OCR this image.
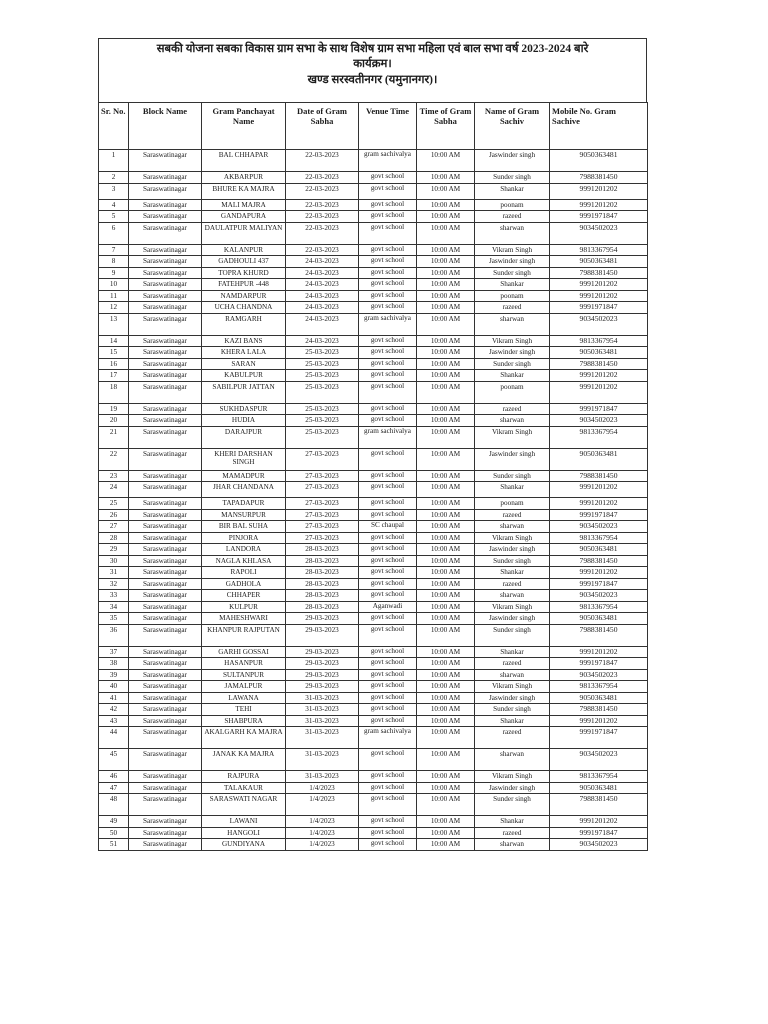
सबकी योजना सबका विकास ग्राम सभा के साथ विशेष ग्राम सभा महिला एवं बाल सभा वर्ष 2023-2024 बारे
कार्यक्रम।
खण्ड सरस्वतीनगर (यमुनानगर)।
Sr. No.	Block Name	Gram Panchayat Name	Date of Gram Sabha	Venue Time	Time of Gram Sabha	Name of Gram Sachiv	Mobile No. Gram Sachive
1	Saraswatinagar	BAL CHHAPAR	22-03-2023	gram sachivalya	10:00 AM	Jaswinder singh	9050363481
2	Saraswatinagar	AKBARPUR	22-03-2023	govt school	10:00 AM	Sunder singh	7988381450
3	Saraswatinagar	BHURE KA MAJRA	22-03-2023	govt school	10:00 AM	Shankar	9991201202
4	Saraswatinagar	MALI MAJRA	22-03-2023	govt school	10:00 AM	poonam	9991201202
5	Saraswatinagar	GANDAPURA	22-03-2023	govt school	10:00 AM	razeed	9991971847
6	Saraswatinagar	DAULATPUR MALIYAN	22-03-2023	govt school	10:00 AM	sharwan	9034502023
7	Saraswatinagar	KALANPUR	22-03-2023	govt school	10:00 AM	Vikram Singh	9813367954
8	Saraswatinagar	GADHOULI 437	24-03-2023	govt school	10:00 AM	Jaswinder singh	9050363481
9	Saraswatinagar	TOPRA KHURD	24-03-2023	govt school	10:00 AM	Sunder singh	7988381450
10	Saraswatinagar	FATEHPUR -448	24-03-2023	govt school	10:00 AM	Shankar	9991201202
11	Saraswatinagar	NAMDARPUR	24-03-2023	govt school	10:00 AM	poonam	9991201202
12	Saraswatinagar	UCHA CHANDNA	24-03-2023	govt school	10:00 AM	razeed	9991971847
13	Saraswatinagar	RAMGARH	24-03-2023	gram sachivalya	10:00 AM	sharwan	9034502023
14	Saraswatinagar	KAZI BANS	24-03-2023	govt school	10:00 AM	Vikram Singh	9813367954
15	Saraswatinagar	KHERA LALA	25-03-2023	govt school	10:00 AM	Jaswinder singh	9050363481
16	Saraswatinagar	SARAN	25-03-2023	govt school	10:00 AM	Sunder singh	7988381450
17	Saraswatinagar	KABULPUR	25-03-2023	govt school	10:00 AM	Shankar	9991201202
18	Saraswatinagar	SABILPUR JATTAN	25-03-2023	govt school	10:00 AM	poonam	9991201202
19	Saraswatinagar	SUKHDASPUR	25-03-2023	govt school	10:00 AM	razeed	9991971847
20	Saraswatinagar	HUDIA	25-03-2023	govt school	10:00 AM	sharwan	9034502023
21	Saraswatinagar	DARAJPUR	25-03-2023	gram sachivalya	10:00 AM	Vikram Singh	9813367954
22	Saraswatinagar	KHERI DARSHAN SINGH	27-03-2023	govt school	10:00 AM	Jaswinder singh	9050363481
23	Saraswatinagar	MAMADPUR	27-03-2023	govt school	10:00 AM	Sunder singh	7988381450
24	Saraswatinagar	JHAR CHANDANA	27-03-2023	govt school	10:00 AM	Shankar	9991201202
25	Saraswatinagar	TAPADAPUR	27-03-2023	govt school	10:00 AM	poonam	9991201202
26	Saraswatinagar	MANSURPUR	27-03-2023	govt school	10:00 AM	razeed	9991971847
27	Saraswatinagar	BIR BAL SUHA	27-03-2023	SC chaupal	10:00 AM	sharwan	9034502023
28	Saraswatinagar	PINJORA	27-03-2023	govt school	10:00 AM	Vikram Singh	9813367954
29	Saraswatinagar	LANDORA	28-03-2023	govt school	10:00 AM	Jaswinder singh	9050363481
30	Saraswatinagar	NAGLA KHLASA	28-03-2023	govt school	10:00 AM	Sunder singh	7988381450
31	Saraswatinagar	RAPOLI	28-03-2023	govt school	10:00 AM	Shankar	9991201202
32	Saraswatinagar	GADHOLA	28-03-2023	govt school	10:00 AM	razeed	9991971847
33	Saraswatinagar	CHHAPER	28-03-2023	govt school	10:00 AM	sharwan	9034502023
34	Saraswatinagar	KULPUR	28-03-2023	Aganwadi	10:00 AM	Vikram Singh	9813367954
35	Saraswatinagar	MAHESHWARI	29-03-2023	govt school	10:00 AM	Jaswinder singh	9050363481
36	Saraswatinagar	KHANPUR RAJPUTAN	29-03-2023	govt school	10:00 AM	Sunder singh	7988381450
37	Saraswatinagar	GARHI GOSSAI	29-03-2023	govt school	10:00 AM	Shankar	9991201202
38	Saraswatinagar	HASANPUR	29-03-2023	govt school	10:00 AM	razeed	9991971847
39	Saraswatinagar	SULTANPUR	29-03-2023	govt school	10:00 AM	sharwan	9034502023
40	Saraswatinagar	JAMALPUR	29-03-2023	govt school	10:00 AM	Vikram Singh	9813367954
41	Saraswatinagar	LAWANA	31-03-2023	govt school	10:00 AM	Jaswinder singh	9050363481
42	Saraswatinagar	TEHI	31-03-2023	govt school	10:00 AM	Sunder singh	7988381450
43	Saraswatinagar	SHABPURA	31-03-2023	govt school	10:00 AM	Shankar	9991201202
44	Saraswatinagar	AKALGARH KA MAJRA	31-03-2023	gram sachivalya	10:00 AM	razeed	9991971847
45	Saraswatinagar	JANAK KA MAJRA	31-03-2023	govt school	10:00 AM	sharwan	9034502023
46	Saraswatinagar	RAJPURA	31-03-2023	govt school	10:00 AM	Vikram Singh	9813367954
47	Saraswatinagar	TALAKAUR	1/4/2023	govt school	10:00 AM	Jaswinder singh	9050363481
48	Saraswatinagar	SARASWATI NAGAR	1/4/2023	govt school	10:00 AM	Sunder singh	7988381450
49	Saraswatinagar	LAWANI	1/4/2023	govt school	10:00 AM	Shankar	9991201202
50	Saraswatinagar	HANGOLI	1/4/2023	govt school	10:00 AM	razeed	9991971847
51	Saraswatinagar	GUNDIYANA	1/4/2023	govt school	10:00 AM	sharwan	9034502023
